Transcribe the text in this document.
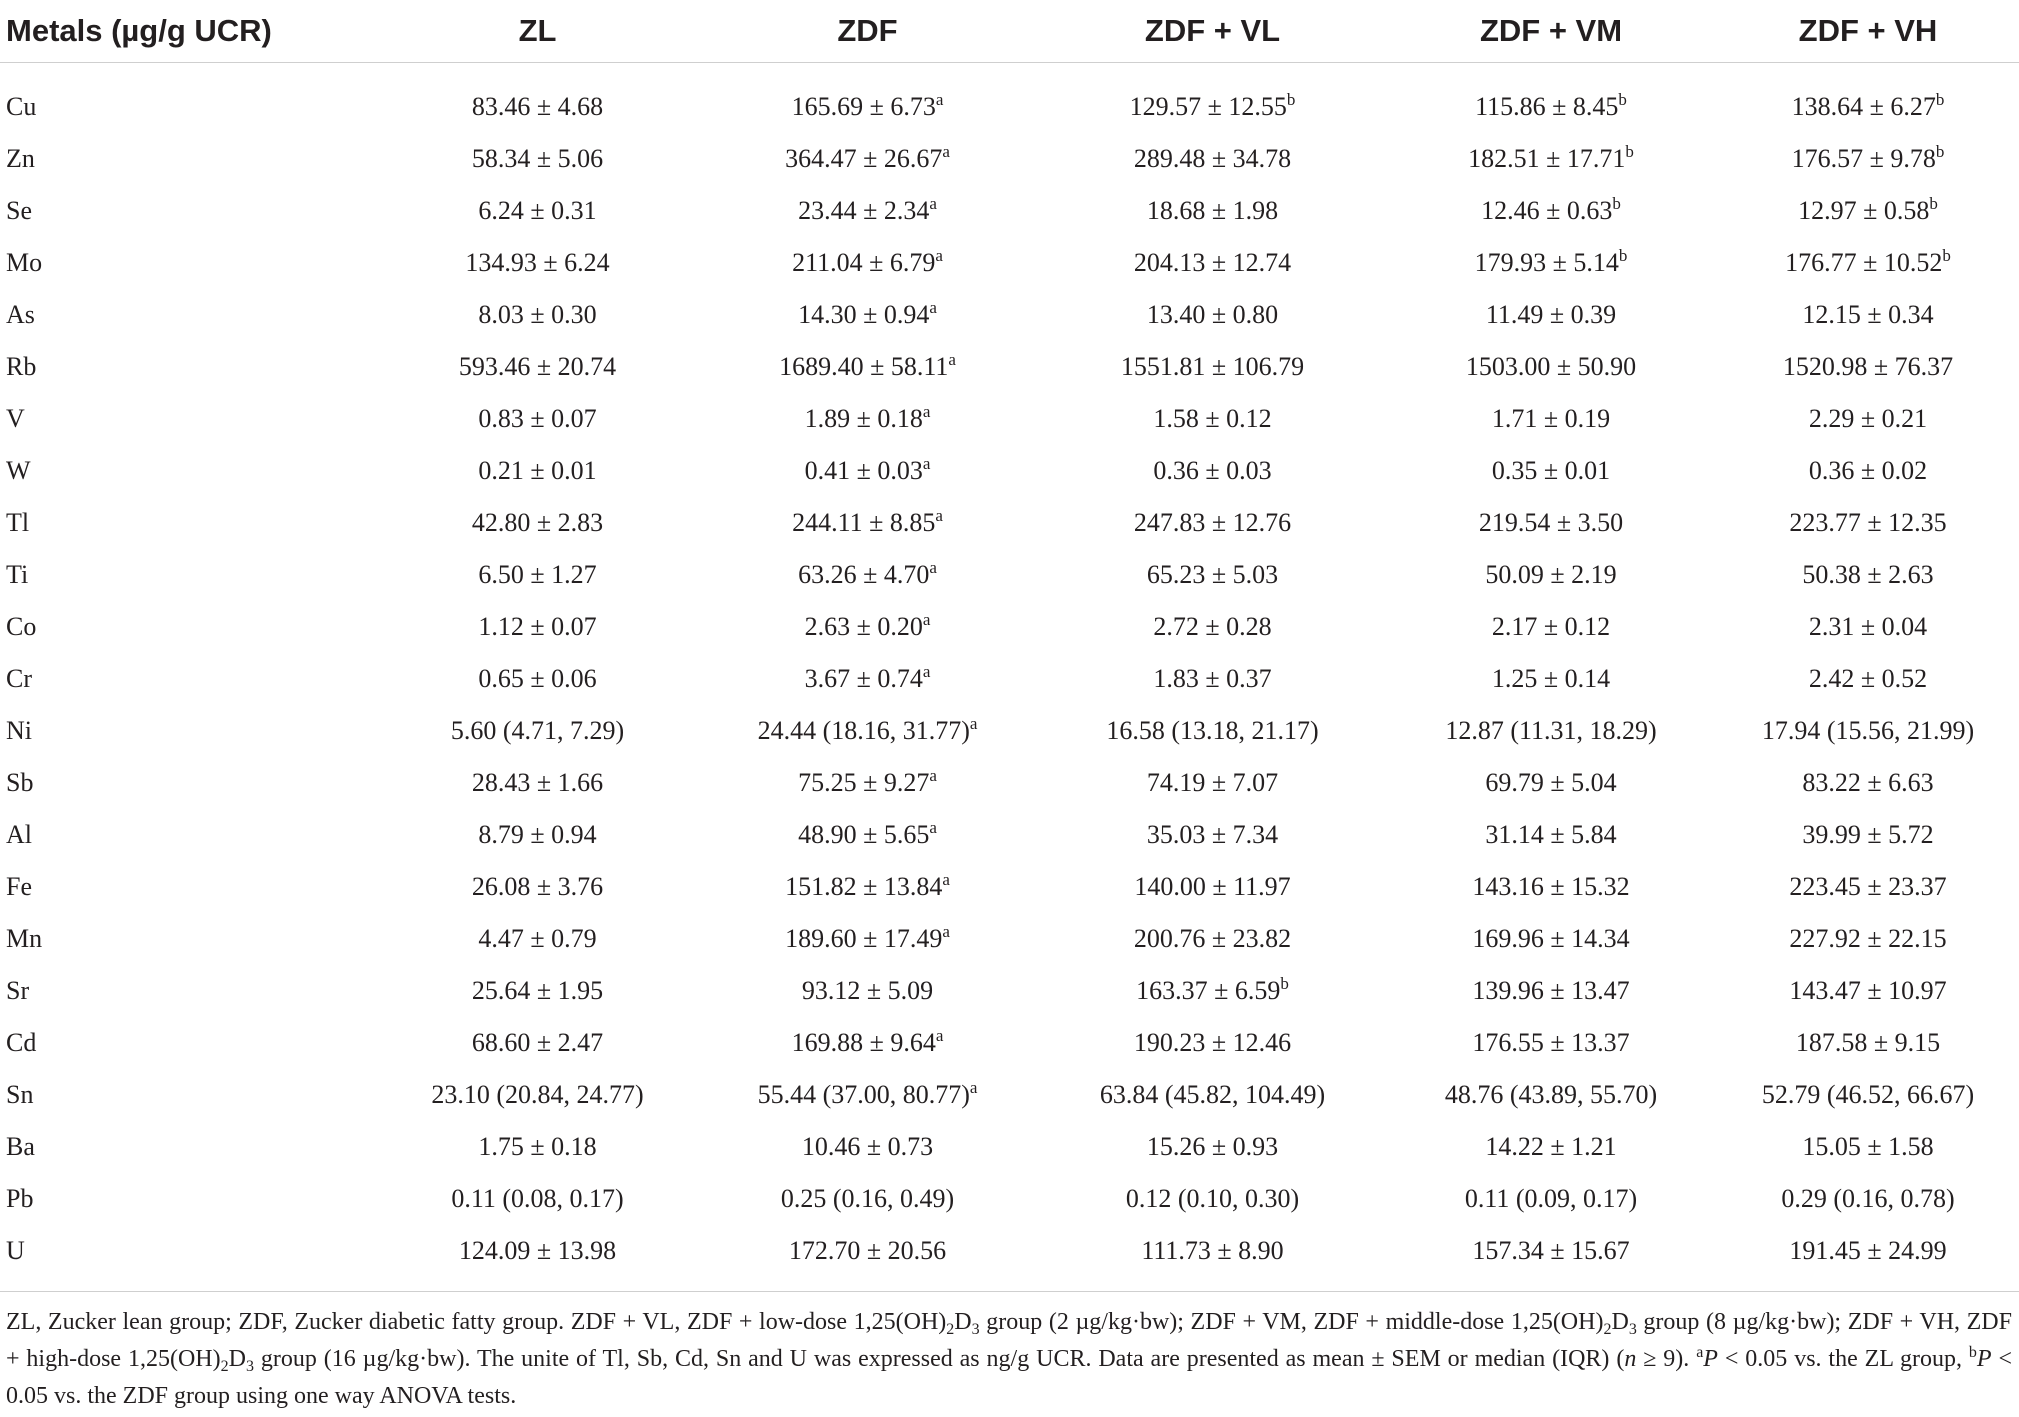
Metals (µg/g UCR)	ZL	ZDF	ZDF + VL	ZDF + VM	ZDF + VH
Cu	83.46 ± 4.68	165.69 ± 6.73$^a$	129.57 ± 12.55$^b$	115.86 ± 8.45$^b$	138.64 ± 6.27$^b$
Zn	58.34 ± 5.06	364.47 ± 26.67$^a$	289.48 ± 34.78	182.51 ± 17.71$^b$	176.57 ± 9.78$^b$
Se	6.24 ± 0.31	23.44 ± 2.34$^a$	18.68 ± 1.98	12.46 ± 0.63$^b$	12.97 ± 0.58$^b$
Mo	134.93 ± 6.24	211.04 ± 6.79$^a$	204.13 ± 12.74	179.93 ± 5.14$^b$	176.77 ± 10.52$^b$
As	8.03 ± 0.30	14.30 ± 0.94$^a$	13.40 ± 0.80	11.49 ± 0.39	12.15 ± 0.34
Rb	593.46 ± 20.74	1689.40 ± 58.11$^a$	1551.81 ± 106.79	1503.00 ± 50.90	1520.98 ± 76.37
V	0.83 ± 0.07	1.89 ± 0.18$^a$	1.58 ± 0.12	1.71 ± 0.19	2.29 ± 0.21
W	0.21 ± 0.01	0.41 ± 0.03$^a$	0.36 ± 0.03	0.35 ± 0.01	0.36 ± 0.02
Tl	42.80 ± 2.83	244.11 ± 8.85$^a$	247.83 ± 12.76	219.54 ± 3.50	223.77 ± 12.35
Ti	6.50 ± 1.27	63.26 ± 4.70$^a$	65.23 ± 5.03	50.09 ± 2.19	50.38 ± 2.63
Co	1.12 ± 0.07	2.63 ± 0.20$^a$	2.72 ± 0.28	2.17 ± 0.12	2.31 ± 0.04
Cr	0.65 ± 0.06	3.67 ± 0.74$^a$	1.83 ± 0.37	1.25 ± 0.14	2.42 ± 0.52
Ni	5.60 (4.71, 7.29)	24.44 (18.16, 31.77)$^a$	16.58 (13.18, 21.17)	12.87 (11.31, 18.29)	17.94 (15.56, 21.99)
Sb	28.43 ± 1.66	75.25 ± 9.27$^a$	74.19 ± 7.07	69.79 ± 5.04	83.22 ± 6.63
Al	8.79 ± 0.94	48.90 ± 5.65$^a$	35.03 ± 7.34	31.14 ± 5.84	39.99 ± 5.72
Fe	26.08 ± 3.76	151.82 ± 13.84$^a$	140.00 ± 11.97	143.16 ± 15.32	223.45 ± 23.37
Mn	4.47 ± 0.79	189.60 ± 17.49$^a$	200.76 ± 23.82	169.96 ± 14.34	227.92 ± 22.15
Sr	25.64 ± 1.95	93.12 ± 5.09	163.37 ± 6.59$^b$	139.96 ± 13.47	143.47 ± 10.97
Cd	68.60 ± 2.47	169.88 ± 9.64$^a$	190.23 ± 12.46	176.55 ± 13.37	187.58 ± 9.15
Sn	23.10 (20.84, 24.77)	55.44 (37.00, 80.77)$^a$	63.84 (45.82, 104.49)	48.76 (43.89, 55.70)	52.79 (46.52, 66.67)
Ba	1.75 ± 0.18	10.46 ± 0.73	15.26 ± 0.93	14.22 ± 1.21	15.05 ± 1.58
Pb	0.11 (0.08, 0.17)	0.25 (0.16, 0.49)	0.12 (0.10, 0.30)	0.11 (0.09, 0.17)	0.29 (0.16, 0.78)
U	124.09 ± 13.98	172.70 ± 20.56	111.73 ± 8.90	157.34 ± 15.67	191.45 ± 24.99
ZL, Zucker lean group; ZDF, Zucker diabetic fatty group. ZDF + VL, ZDF + low-dose $1,25(OH)_2D_3$ group (2 µg/kg·bw); ZDF + VM, ZDF + middle-dose $1,25(OH)_2D_3$ group (8 µg/kg·bw); ZDF + VH, ZDF + high-dose $1,25(OH)_2D_3$ group (16 µg/kg·bw). The unite of Tl, Sb, Cd, Sn and U was expressed as ng/g UCR. Data are presented as mean ± SEM or median (IQR) (n ≥ 9). $^a$P < 0.05 vs. the ZL group, $^b$P < 0.05 vs. the ZDF group using one way ANOVA tests.
